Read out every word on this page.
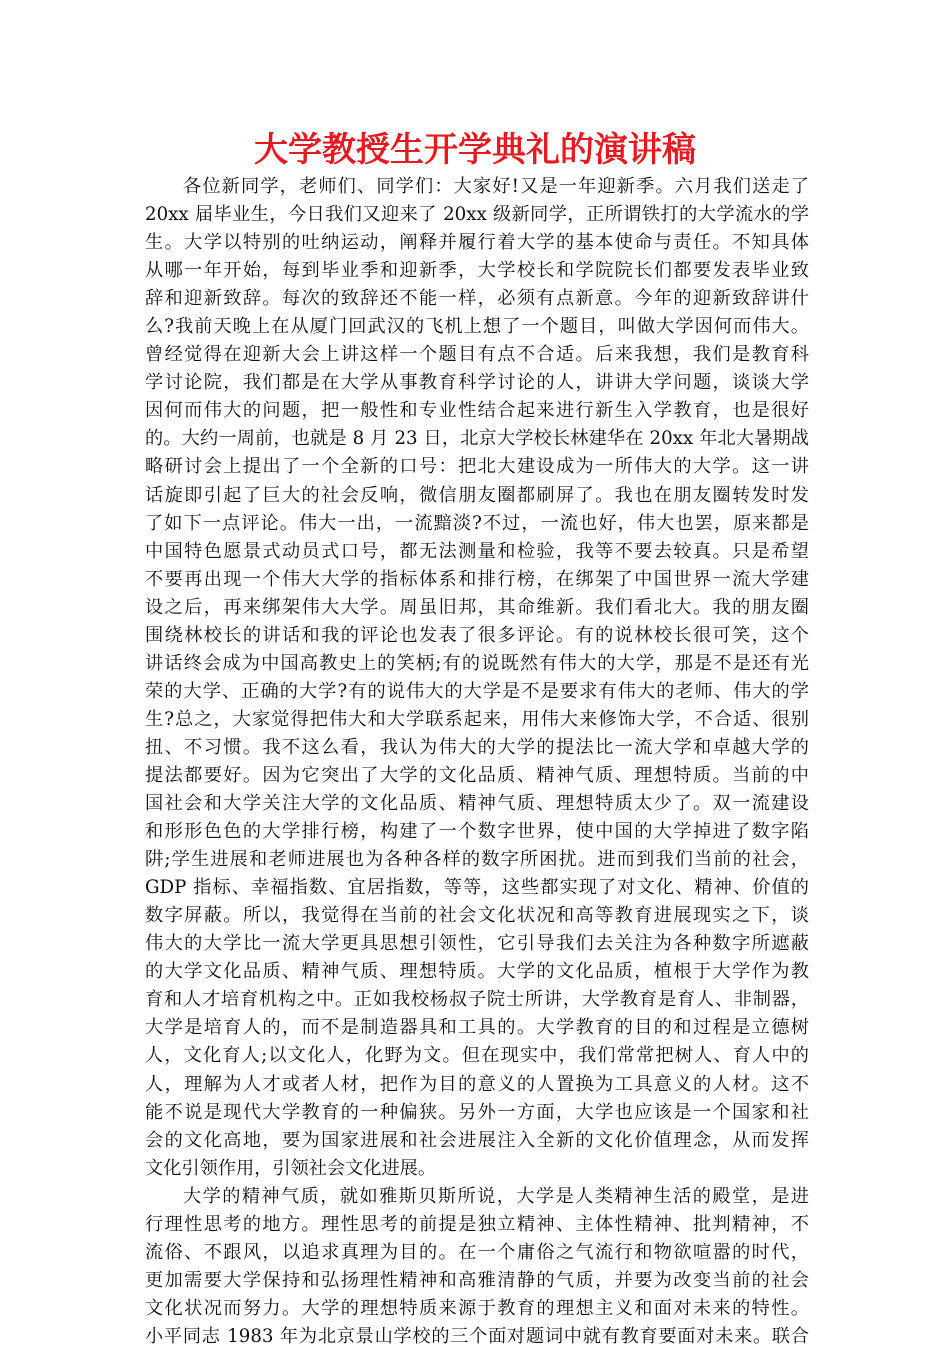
大学教授生开学典礼的演讲稿

各位新同学，老师们、同学们：大家好!又是一年迎新季。六月我们送走了
20xx 届毕业生，今日我们又迎来了 20xx 级新同学，正所谓铁打的大学流水的学
生。大学以特别的吐纳运动，阐释并履行着大学的基本使命与责任。不知具体
从哪一年开始，每到毕业季和迎新季，大学校长和学院院长们都要发表毕业致
辞和迎新致辞。每次的致辞还不能一样，必须有点新意。今年的迎新致辞讲什
么?我前天晚上在从厦门回武汉的飞机上想了一个题目，叫做大学因何而伟大。
曾经觉得在迎新大会上讲这样一个题目有点不合适。后来我想，我们是教育科
学讨论院，我们都是在大学从事教育科学讨论的人，讲讲大学问题，谈谈大学
因何而伟大的问题，把一般性和专业性结合起来进行新生入学教育，也是很好
的。大约一周前，也就是 8 月 23 日，北京大学校长林建华在 20xx 年北大暑期战
略研讨会上提出了一个全新的口号：把北大建设成为一所伟大的大学。这一讲
话旋即引起了巨大的社会反响，微信朋友圈都刷屏了。我也在朋友圈转发时发
了如下一点评论。伟大一出，一流黯淡?不过，一流也好，伟大也罢，原来都是
中国特色愿景式动员式口号，都无法测量和检验，我等不要去较真。只是希望
不要再出现一个伟大大学的指标体系和排行榜，在绑架了中国世界一流大学建
设之后，再来绑架伟大大学。周虽旧邦，其命维新。我们看北大。我的朋友圈
围绕林校长的讲话和我的评论也发表了很多评论。有的说林校长很可笑，这个
讲话终会成为中国高教史上的笑柄;有的说既然有伟大的大学，那是不是还有光
荣的大学、正确的大学?有的说伟大的大学是不是要求有伟大的老师、伟大的学
生?总之，大家觉得把伟大和大学联系起来，用伟大来修饰大学，不合适、很别
扭、不习惯。我不这么看，我认为伟大的大学的提法比一流大学和卓越大学的
提法都要好。因为它突出了大学的文化品质、精神气质、理想特质。当前的中
国社会和大学关注大学的文化品质、精神气质、理想特质太少了。双一流建设
和形形色色的大学排行榜，构建了一个数字世界，使中国的大学掉进了数字陷
阱;学生进展和老师进展也为各种各样的数字所困扰。进而到我们当前的社会，
GDP 指标、幸福指数、宜居指数，等等，这些都实现了对文化、精神、价值的
数字屏蔽。所以，我觉得在当前的社会文化状况和高等教育进展现实之下，谈
伟大的大学比一流大学更具思想引领性，它引导我们去关注为各种数字所遮蔽
的大学文化品质、精神气质、理想特质。大学的文化品质，植根于大学作为教
育和人才培育机构之中。正如我校杨叔子院士所讲，大学教育是育人、非制器，
大学是培育人的，而不是制造器具和工具的。大学教育的目的和过程是立德树
人，文化育人;以文化人，化野为文。但在现实中，我们常常把树人、育人中的
人，理解为人才或者人材，把作为目的意义的人置换为工具意义的人材。这不
能不说是现代大学教育的一种偏狭。另外一方面，大学也应该是一个国家和社
会的文化高地，要为国家进展和社会进展注入全新的文化价值理念，从而发挥
文化引领作用，引领社会文化进展。

大学的精神气质，就如雅斯贝斯所说，大学是人类精神生活的殿堂，是进
行理性思考的地方。理性思考的前提是独立精神、主体性精神、批判精神，不
流俗、不跟风，以追求真理为目的。在一个庸俗之气流行和物欲喧嚣的时代，
更加需要大学保持和弘扬理性精神和高雅清静的气质，并要为改变当前的社会
文化状况而努力。大学的理想特质来源于教育的理想主义和面对未来的特性。
小平同志 1983 年为北京景山学校的三个面对题词中就有教育要面对未来。联合
